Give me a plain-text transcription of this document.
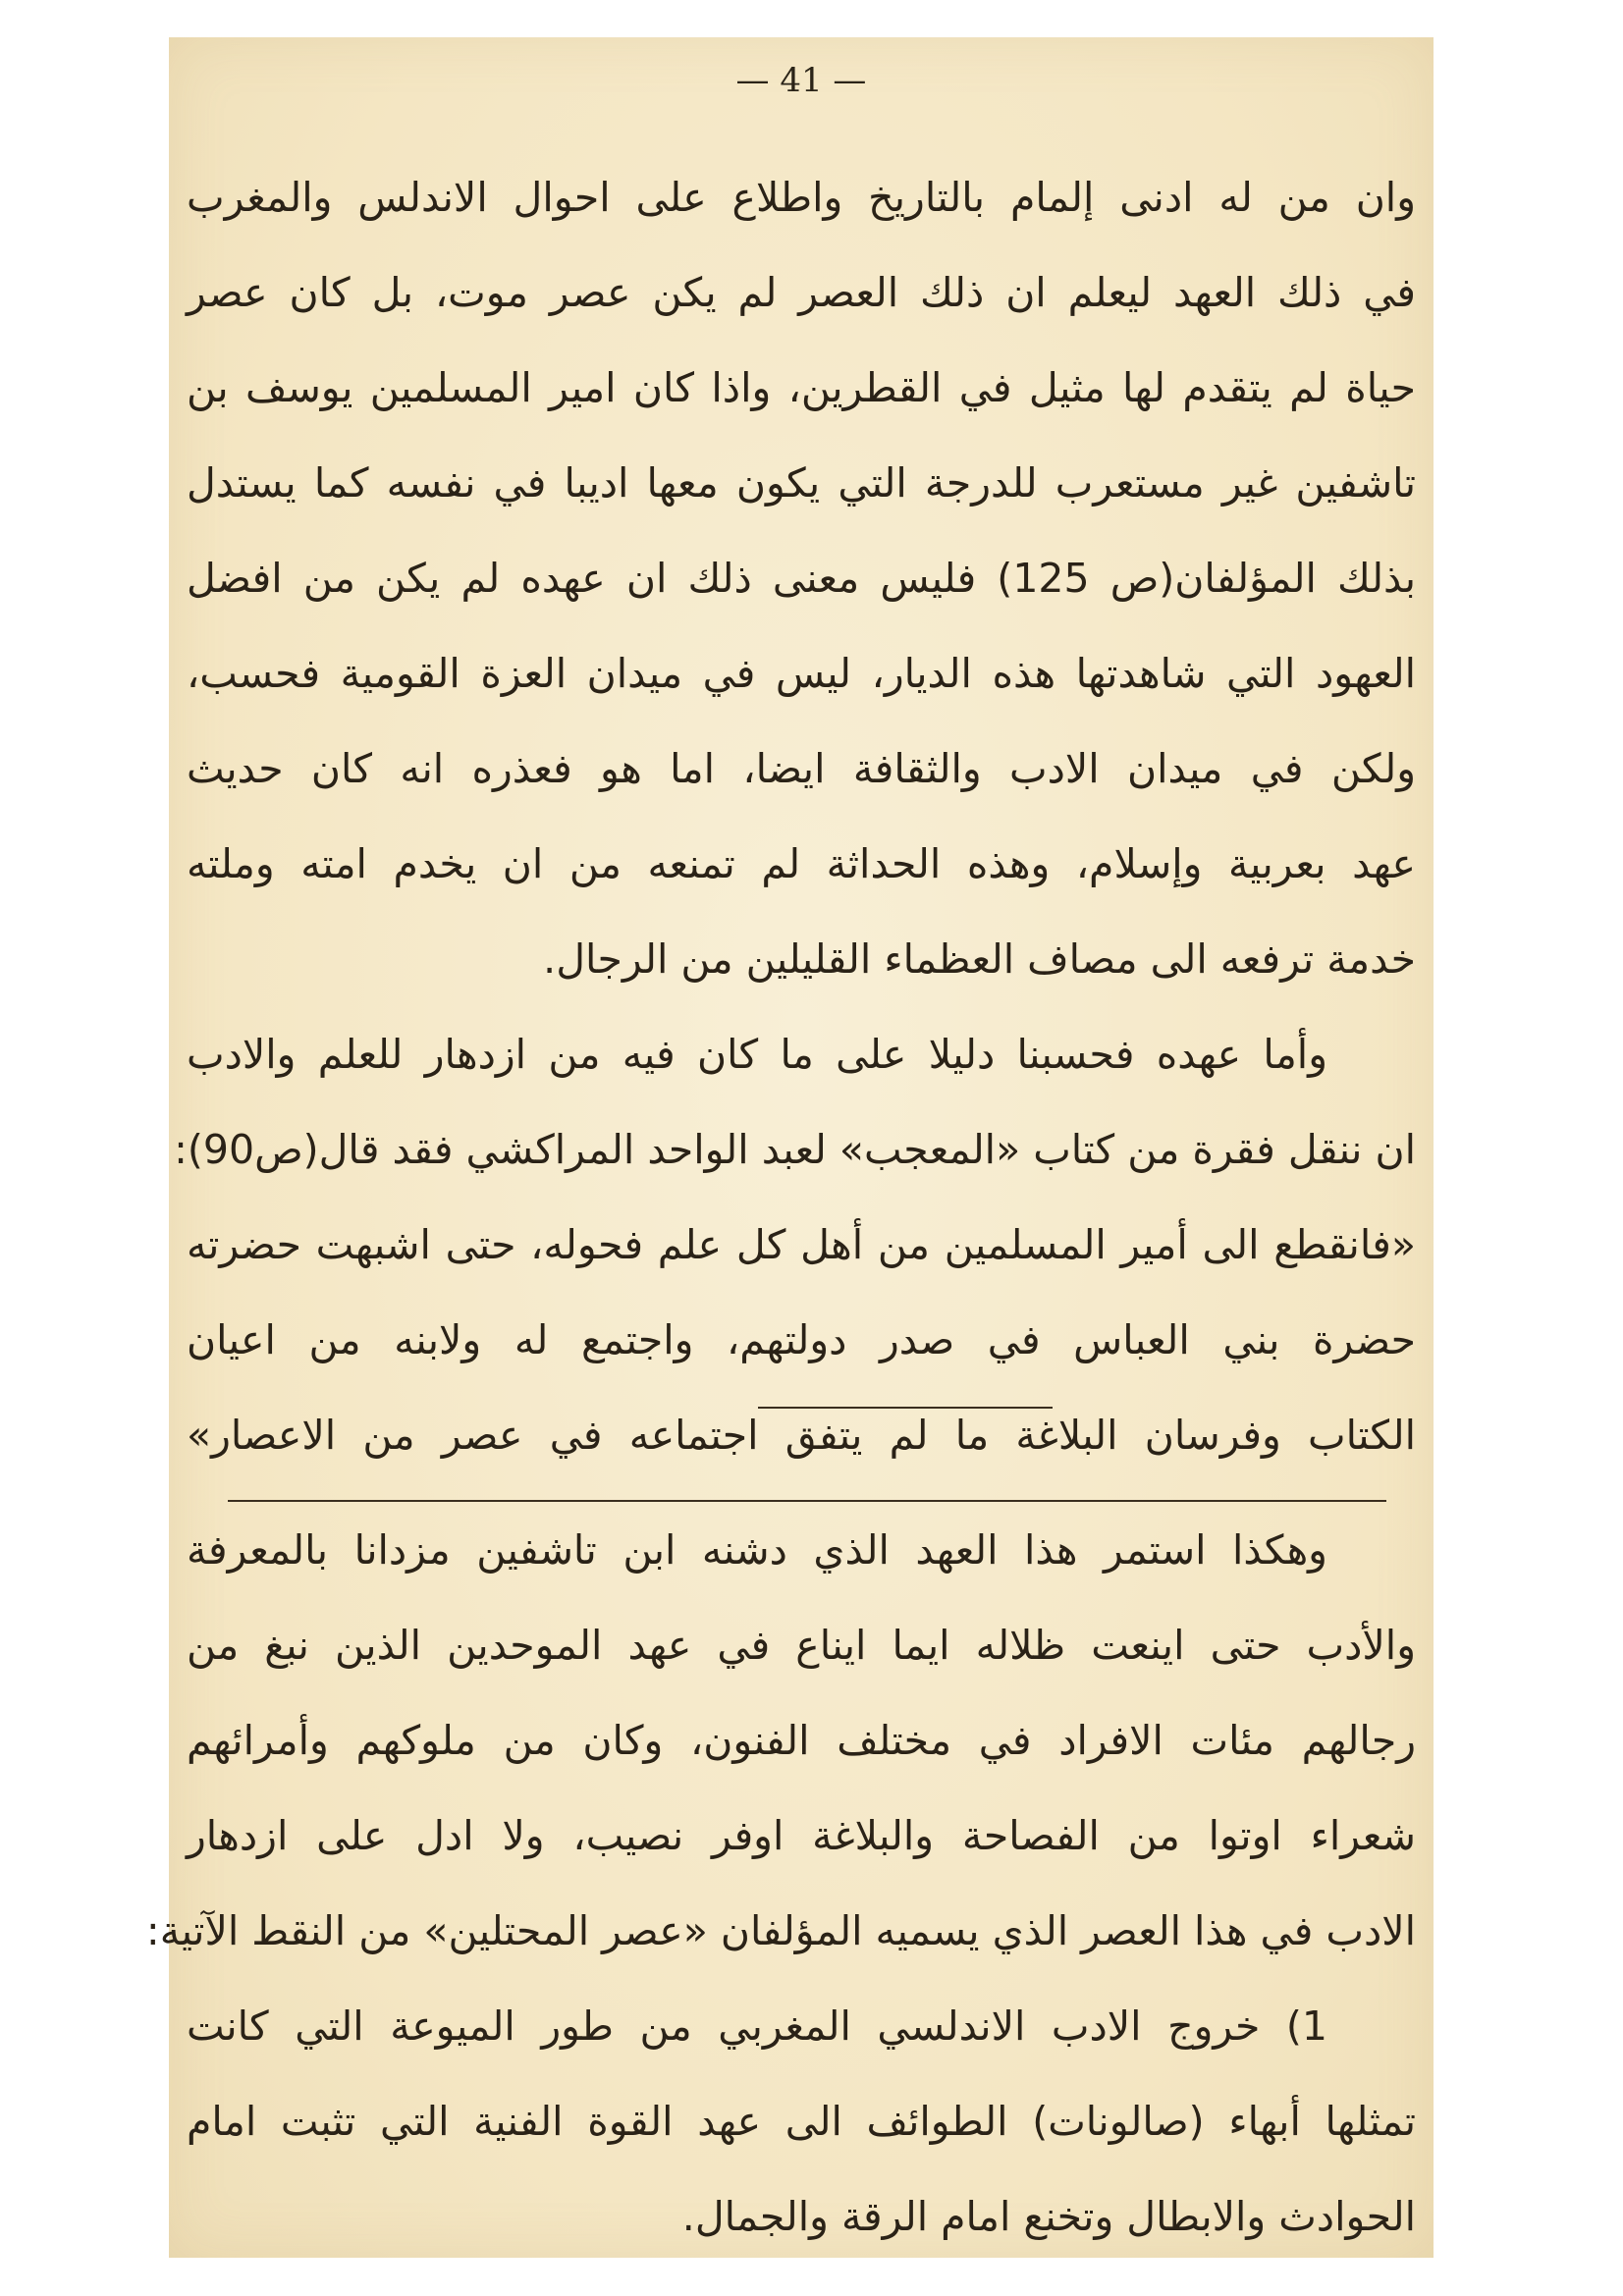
— 41 —
وان من له ادنى إلمام بالتاريخ واطلاع على احوال الاندلس والمغرب
في ذلك العهد ليعلم ان ذلك العصر لم يكن عصر موت، بل كان عصر
حياة لم يتقدم لها مثيل في القطرين، واذا كان امير المسلمين يوسف بن
تاشفين غير مستعرب للدرجة التي يكون معها اديبا في نفسه كما يستدل
بذلك المؤلفان(ص 125) فليس معنى ذلك ان عهده لم يكن من افضل
العهود التي شاهدتها هذه الديار، ليس في ميدان العزة القومية فحسب،
ولكن في ميدان الادب والثقافة ايضا، اما هو فعذره انه كان حديث
عهد بعربية وإسلام، وهذه الحداثة لم تمنعه من ان يخدم امته وملته
خدمة ترفعه الى مصاف العظماء القليلين من الرجال.
وأما عهده فحسبنا دليلا على ما كان فيه من ازدهار للعلم والادب
ان ننقل فقرة من كتاب «المعجب» لعبد الواحد المراكشي فقد قال(ص90):
«فانقطع الى أمير المسلمين من أهل كل علم فحوله، حتى اشبهت حضرته
حضرة بني العباس في صدر دولتهم، واجتمع له ولابنه من اعيان
الكتاب وفرسان البلاغة ما لم يتفق اجتماعه في عصر من الاعصار»
وهكذا استمر هذا العهد الذي دشنه ابن تاشفين مزدانا بالمعرفة
والأدب حتى اينعت ظلاله ايما ايناع في عهد الموحدين الذين نبغ من
رجالهم مئات الافراد في مختلف الفنون، وكان من ملوكهم وأمرائهم
شعراء اوتوا من الفصاحة والبلاغة اوفر نصيب، ولا ادل على ازدهار
الادب في هذا العصر الذي يسميه المؤلفان «عصر المحتلين» من النقط الآتية:
1) خروج الادب الاندلسي المغربي من طور الميوعة التي كانت
تمثلها أبهاء (صالونات) الطوائف الى عهد القوة الفنية التي تثبت امام
الحوادث والابطال وتخنع امام الرقة والجمال.
